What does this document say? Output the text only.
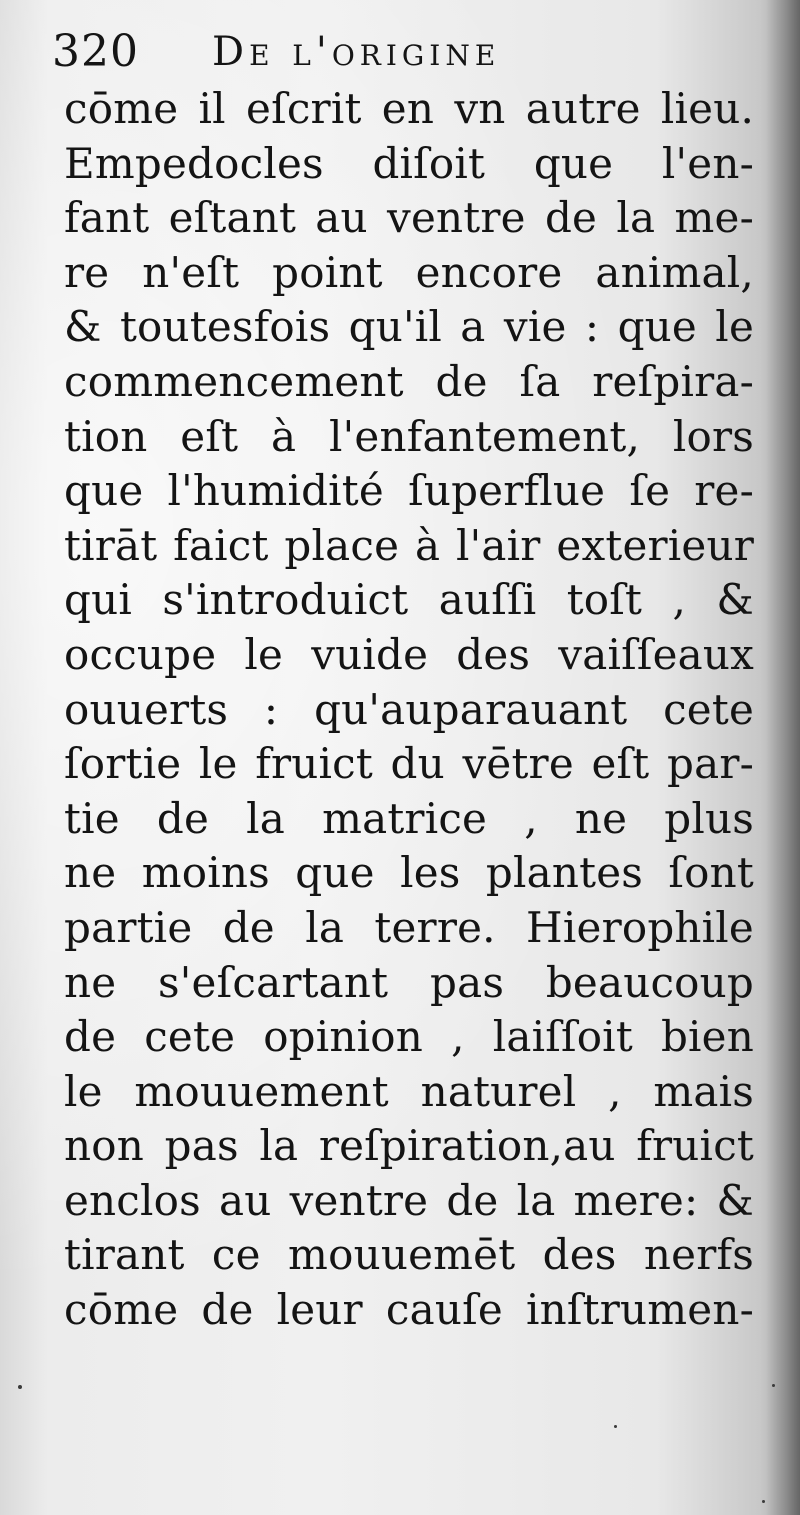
320 De l'origine
cōme il eſcrit en vn autre lieu.
Empedocles diſoit que l'en-
fant eſtant au ventre de la me-
re n'eſt point encore animal,
& toutesfois qu'il a vie : que le
commencement de ſa reſpira-
tion eſt à l'enfantement, lors
que l'humidité ſuperflue ſe re-
tirāt faict place à l'air exterieur
qui s'introduict auſſi toſt , &
occupe le vuide des vaiſſeaux
ouuerts : qu'auparauant cete
ſortie le fruict du vētre eſt par-
tie de la matrice , ne plus
ne moins que les plantes ſont
partie de la terre. Hierophile
ne s'eſcartant pas beaucoup
de cete opinion , laiſſoit bien
le mouuement naturel , mais
non pas la reſpiration,au fruict
enclos au ventre de la mere: &
tirant ce mouuemēt des nerfs
cōme de leur cauſe inſtrumen-
